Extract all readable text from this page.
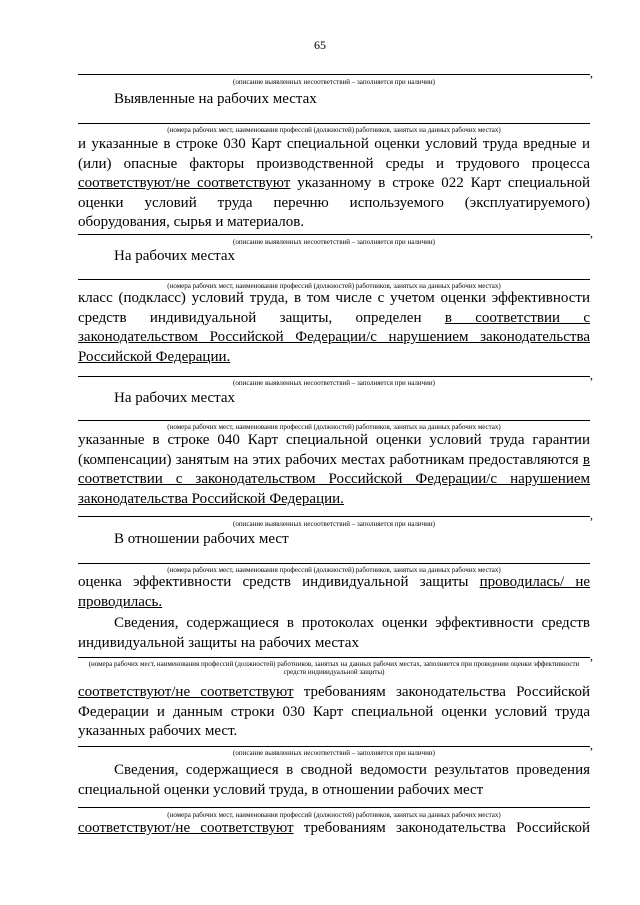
65
,
(описание выявленных несоответствий – заполняется при наличии)
Выявленные на рабочих местах
(номера рабочих мест, наименования профессий (должностей) работников, занятых на данных рабочих местах)
и указанные в строке 030 Карт специальной оценки условий труда вредные и (или) опасные факторы производственной среды и трудового процесса соответствуют/не соответствуют указанному в строке 022 Карт специальной оценки условий труда перечню используемого (эксплуатируемого) оборудования, сырья и материалов.
,
(описание выявленных несоответствий – заполняется при наличии)
На рабочих местах
(номера рабочих мест, наименования профессий (должностей) работников, занятых на данных рабочих местах)
класс (подкласс) условий труда, в том числе с учетом оценки эффективности средств индивидуальной защиты, определен в соответствии с законодательством Российской Федерации/с нарушением законодательства Российской Федерации.
,
(описание выявленных несоответствий – заполняется при наличии)
На рабочих местах
(номера рабочих мест, наименования профессий (должностей) работников, занятых на данных рабочих местах)
указанные в строке 040 Карт специальной оценки условий труда гарантии (компенсации) занятым на этих рабочих местах работникам предоставляются в соответствии с законодательством Российской Федерации/с нарушением законодательства Российской Федерации.
,
(описание выявленных несоответствий – заполняется при наличии)
В отношении рабочих мест
(номера рабочих мест, наименования профессий (должностей) работников, занятых на данных рабочих местах)
оценка эффективности средств индивидуальной защиты проводилась/ не проводилась.
Сведения, содержащиеся в протоколах оценки эффективности средств индивидуальной защиты на рабочих местах
,
(номера рабочих мест, наименования профессий (должностей) работников, занятых на данных рабочих местах, заполняется при проведении оценки эффективности средств индивидуальной защиты)
соответствуют/не соответствуют требованиям законодательства Российской Федерации и данным строки 030 Карт специальной оценки условий труда указанных рабочих мест.
,
(описание выявленных несоответствий – заполняется при наличии)
Сведения, содержащиеся в сводной ведомости результатов проведения специальной оценки условий труда, в отношении рабочих мест
(номера рабочих мест, наименования профессий (должностей) работников, занятых на данных рабочих местах)
соответствуют/не соответствуют требованиям законодательства Российской
